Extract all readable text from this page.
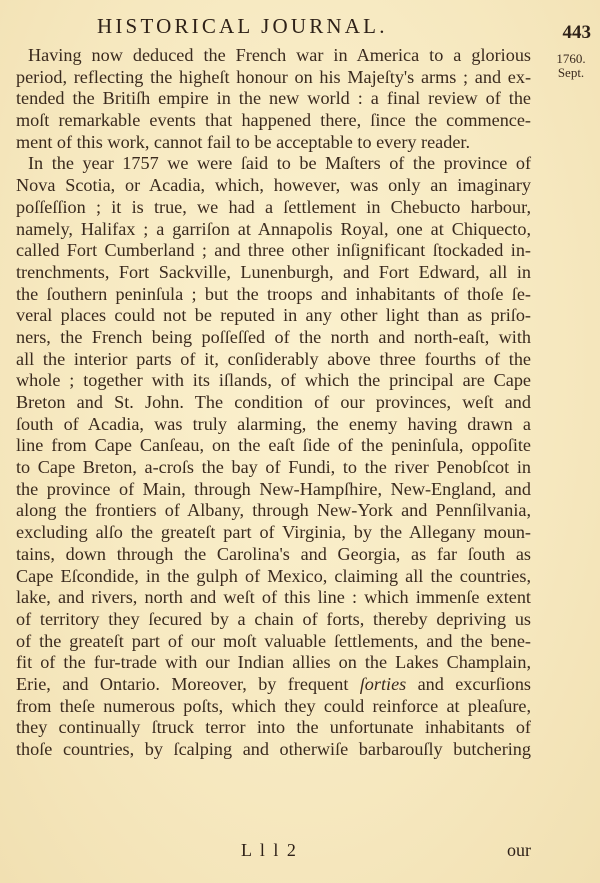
HISTORICAL JOURNAL.	443
1760.
Sept.
Having now deduced the French war in America to a glorious
period, reflecting the higheſt honour on his Majeſty's arms ; and ex-
tended the Britiſh empire in the new world : a final review of the
moſt remarkable events that happened there, ſince the commence-
ment of this work, cannot fail to be acceptable to every reader.
In the year 1757 we were ſaid to be Maſters of the province of
Nova Scotia, or Acadia, which, however, was only an imaginary
poſſeſſion ; it is true, we had a ſettlement in Chebucto harbour,
namely, Halifax ; a garriſon at Annapolis Royal, one at Chiquecto,
called Fort Cumberland ; and three other inſignificant ſtockaded in-
trenchments, Fort Sackville, Lunenburgh, and Fort Edward, all in
the ſouthern peninſula ; but the troops and inhabitants of thoſe ſe-
veral places could not be reputed in any other light than as priſo-
ners, the French being poſſeſſed of the north and north-eaſt, with
all the interior parts of it, conſiderably above three fourths of the
whole ; together with its iſlands, of which the principal are Cape
Breton and St. John. The condition of our provinces, weſt and
ſouth of Acadia, was truly alarming, the enemy having drawn a
line from Cape Canſeau, on the eaſt ſide of the peninſula, oppoſite
to Cape Breton, a-croſs the bay of Fundi, to the river Penobſcot in
the province of Main, through New-Hampſhire, New-England, and
along the frontiers of Albany, through New-York and Pennſilvania,
excluding alſo the greateſt part of Virginia, by the Allegany moun-
tains, down through the Carolina's and Georgia, as far ſouth as
Cape Eſcondide, in the gulph of Mexico, claiming all the countries,
lake, and rivers, north and weſt of this line : which immenſe extent
of territory they ſecured by a chain of forts, thereby depriving us
of the greateſt part of our moſt valuable ſettlements, and the bene-
fit of the fur-trade with our Indian allies on the Lakes Champlain,
Erie, and Ontario. Moreover, by frequent ſorties and excurſions
from theſe numerous poſts, which they could reinforce at pleaſure,
they continually ſtruck terror into the unfortunate inhabitants of
thoſe countries, by ſcalping and otherwiſe barbarouſly butchering
L l l 2	our
